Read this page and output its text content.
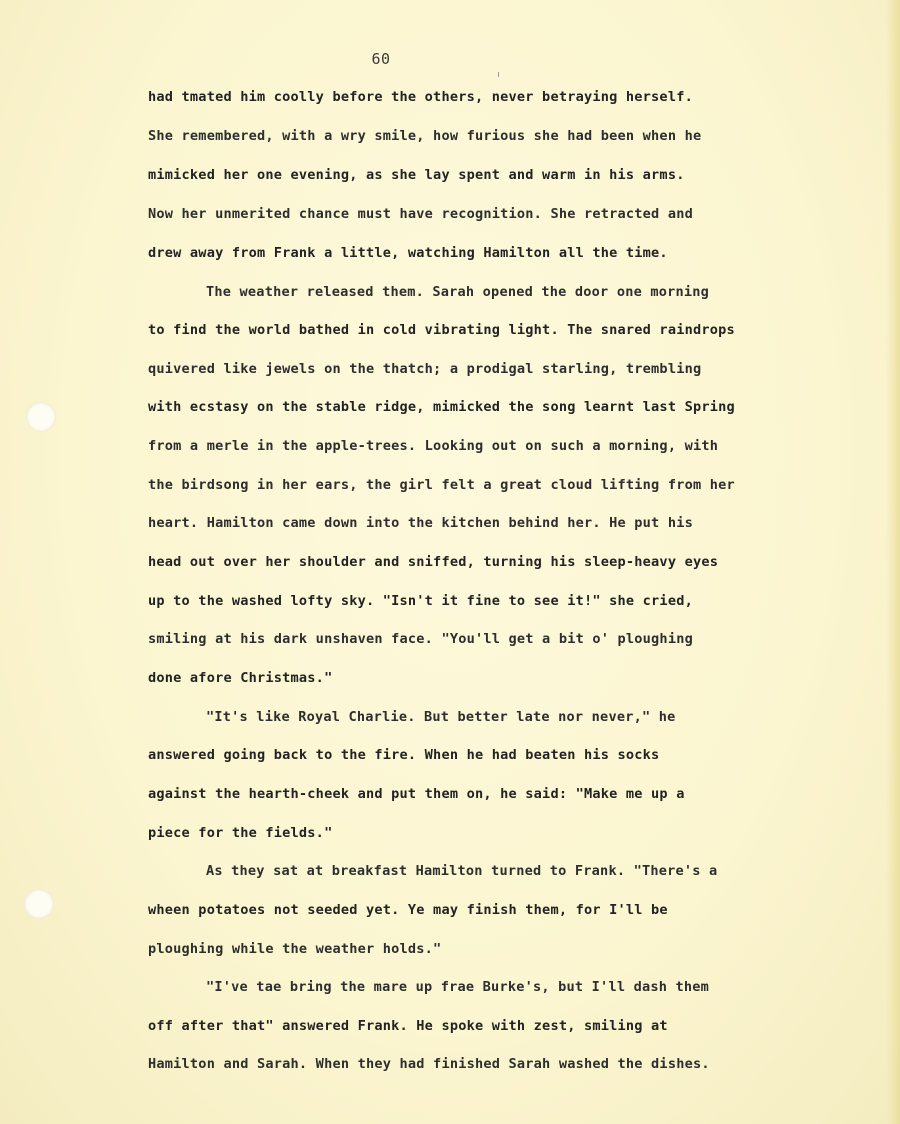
60
had tmated him coolly before the others, never betraying herself.
She remembered, with a wry smile, how furious she had been when he
mimicked her one evening, as she lay spent and warm in his arms.
Now her unmerited chance must have recognition. She retracted and
drew away from Frank a little, watching Hamilton all the time.
The weather released them. Sarah opened the door one morning
to find the world bathed in cold vibrating light. The snared raindrops
quivered like jewels on the thatch; a prodigal starling, trembling
with ecstasy on the stable ridge, mimicked the song learnt last Spring
from a merle in the apple-trees. Looking out on such a morning, with
the birdsong in her ears, the girl felt a great cloud lifting from her
heart. Hamilton came down into the kitchen behind her. He put his
head out over her shoulder and sniffed, turning his sleep-heavy eyes
up to the washed lofty sky. "Isn't it fine to see it!" she cried,
smiling at his dark unshaven face. "You'll get a bit o' ploughing
done afore Christmas."
"It's like Royal Charlie. But better late nor never," he
answered going back to the fire. When he had beaten his socks
against the hearth-cheek and put them on, he said: "Make me up a
piece for the fields."
As they sat at breakfast Hamilton turned to Frank. "There's a
wheen potatoes not seeded yet. Ye may finish them, for I'll be
ploughing while the weather holds."
"I've tae bring the mare up frae Burke's, but I'll dash them
off after that" answered Frank. He spoke with zest, smiling at
Hamilton and Sarah. When they had finished Sarah washed the dishes.
